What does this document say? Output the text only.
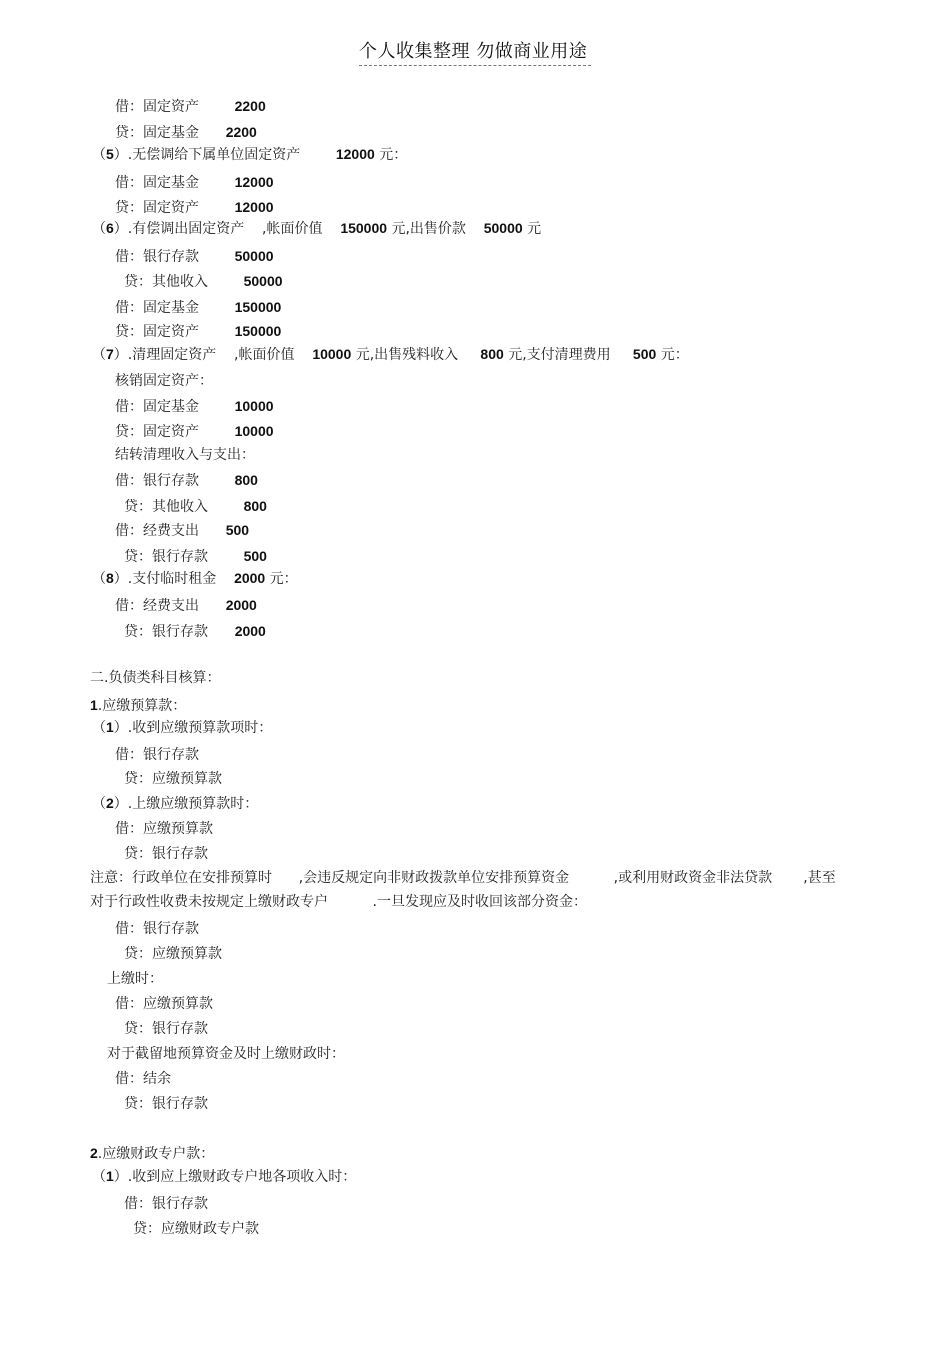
个人收集整理 勿做商业用途
借：固定资产        2200
贷：固定基金      2200
（5）.无偿调给下属单位固定资产        12000 元：
借：固定基金        12000
贷：固定资产        12000
（6）.有偿调出固定资产    ,帐面价值    150000 元,出售价款    50000 元
借：银行存款        50000
贷：其他收入        50000
借：固定基金        150000
贷：固定资产        150000
（7）.清理固定资产    ,帐面价值    10000 元,出售残料收入     800 元,支付清理费用     500 元：
核销固定资产：
借：固定基金        10000
贷：固定资产        10000
结转清理收入与支出：
借：银行存款        800
贷：其他收入        800
借：经费支出      500
贷：银行存款        500
（8）.支付临时租金    2000 元：
借：经费支出      2000
贷：银行存款      2000
二.负债类科目核算：
1.应缴预算款：
（1）.收到应缴预算款项时：
借：银行存款
贷：应缴预算款
（2）.上缴应缴预算款时：
借：应缴预算款
贷：银行存款
注意：行政单位在安排预算时      ,会违反规定向非财政拨款单位安排预算资金          ,或利用财政资金非法贷款       ,甚至
对于行政性收费未按规定上缴财政专户          .一旦发现应及时收回该部分资金：
借：银行存款
贷：应缴预算款
上缴时：
借：应缴预算款
贷：银行存款
对于截留地预算资金及时上缴财政时：
借：结余
贷：银行存款
2.应缴财政专户款：
（1）.收到应上缴财政专户地各项收入时：
借：银行存款
贷：应缴财政专户款
